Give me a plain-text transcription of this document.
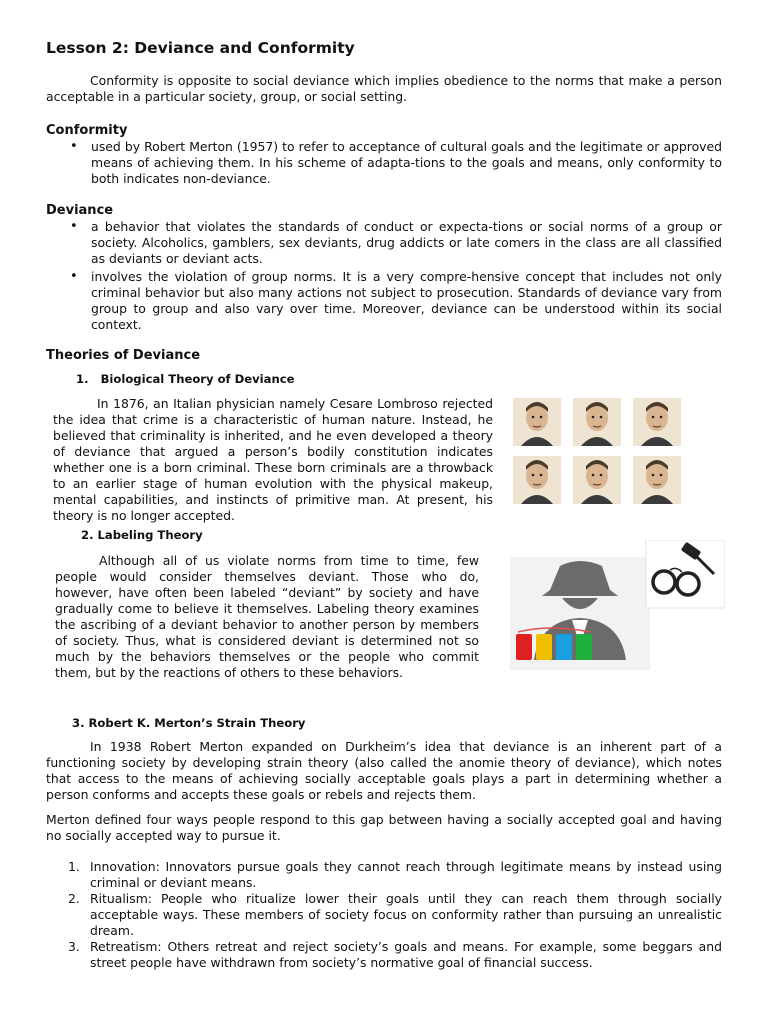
Lesson 2: Deviance and Conformity

Conformity is opposite to social deviance which implies obedience to the norms that make a person acceptable in a particular society, group, or social setting.

Conformity
• used by Robert Merton (1957) to refer to acceptance of cultural goals and the legitimate or approved means of achieving them. In his scheme of adapta-tions to the goals and means, only conformity to both indicates non-deviance.
Deviance
• a behavior that violates the standards of conduct or expecta-tions or social norms of a group or society. Alcoholics, gamblers, sex deviants, drug addicts or late comers in the class are all classified as deviants or deviant acts.
• involves the violation of group norms. It is a very compre-hensive concept that includes not only criminal behavior but also many actions not subject to prosecution. Standards of deviance vary from group to group and also vary over time. Moreover, deviance can be understood within its social context.
Theories of Deviance
1. Biological Theory of Deviance

In 1876, an Italian physician namely Cesare Lombroso rejected the idea that crime is a characteristic of human nature. Instead, he believed that criminality is inherited, and he even developed a theory of deviance that argued a person’s bodily constitution indicates whether one is a born criminal. These born criminals are a throwback to an earlier stage of human evolution with the physical makeup, mental capabilities, and instincts of primitive man. At present, his theory is no longer accepted.

2. Labeling Theory

Although all of us violate norms from time to time, few people would consider themselves deviant. Those who do, however, have often been labeled “deviant” by society and have gradually come to believe it themselves. Labeling theory examines the ascribing of a deviant behavior to another person by members of society. Thus, what is considered deviant is determined not so much by the behaviors themselves or the people who commit them, but by the reactions of others to these behaviors.

3. Robert K. Merton’s Strain Theory

In 1938 Robert Merton expanded on Durkheim’s idea that deviance is an inherent part of a functioning society by developing strain theory (also called the anomie theory of deviance), which notes that access to the means of achieving socially acceptable goals plays a part in determining whether a person conforms and accepts these goals or rebels and rejects them.

Merton defined four ways people respond to this gap between having a socially accepted goal and having no socially accepted way to pursue it.

1. Innovation: Innovators pursue goals they cannot reach through legitimate means by instead using criminal or deviant means.
2. Ritualism: People who ritualize lower their goals until they can reach them through socially acceptable ways. These members of society focus on conformity rather than pursuing an unrealistic dream.
3. Retreatism: Others retreat and reject society’s goals and means. For example, some beggars and street people have withdrawn from society’s normative goal of financial success.
